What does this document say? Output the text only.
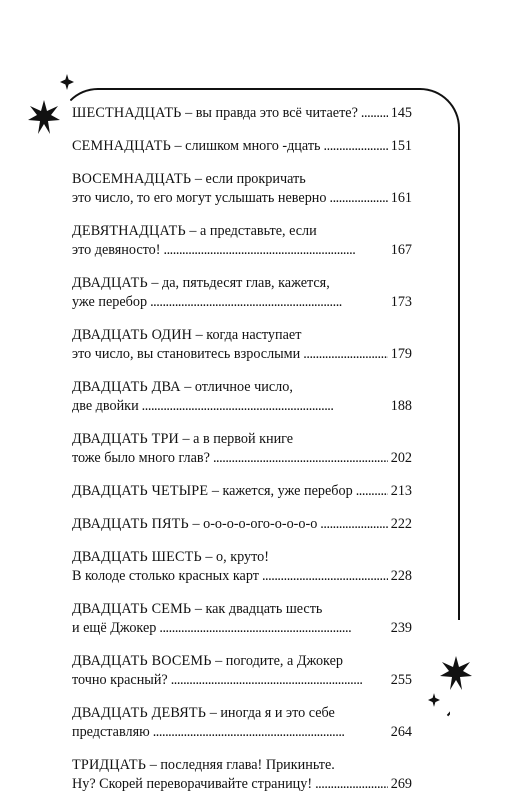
ШЕСТНАДЦАТЬ – вы правда это всё читаете? . . . 145
СЕМНАДЦАТЬ – слишком много -дцать . . .	151
ВОСЕМНАДЦАТЬ – если прокричать
это число, то его могут услышать неверно . . .	161
ДЕВЯТНАДЦАТЬ – а представьте, если
это девяносто! . . .	167
ДВАДЦАТЬ – да, пятьдесят глав, кажется,
уже перебор . . .	173
ДВАДЦАТЬ ОДИН – когда наступает
это число, вы становитесь взрослыми . . .	179
ДВАДЦАТЬ ДВА – отличное число,
две двойки . . .	188
ДВАДЦАТЬ ТРИ – а в первой книге
тоже было много глав? . . .	202
ДВАДЦАТЬ ЧЕТЫРЕ – кажется, уже перебор . . .	213
ДВАДЦАТЬ ПЯТЬ – о-о-о-о-ого-о-о-о-о . . .	222
ДВАДЦАТЬ ШЕСТЬ – о, круто!
В колоде столько красных карт . . .	228
ДВАДЦАТЬ СЕМЬ – как двадцать шесть
и ещё Джокер . . .	239
ДВАДЦАТЬ ВОСЕМЬ – погодите, а Джокер
точно красный? . . .	255
ДВАДЦАТЬ ДЕВЯТЬ – иногда я и это себе
представляю . . .	264
ТРИДЦАТЬ – последняя глава! Прикиньте.
Ну? Скорей переворачивайте страницу! . . .	269
